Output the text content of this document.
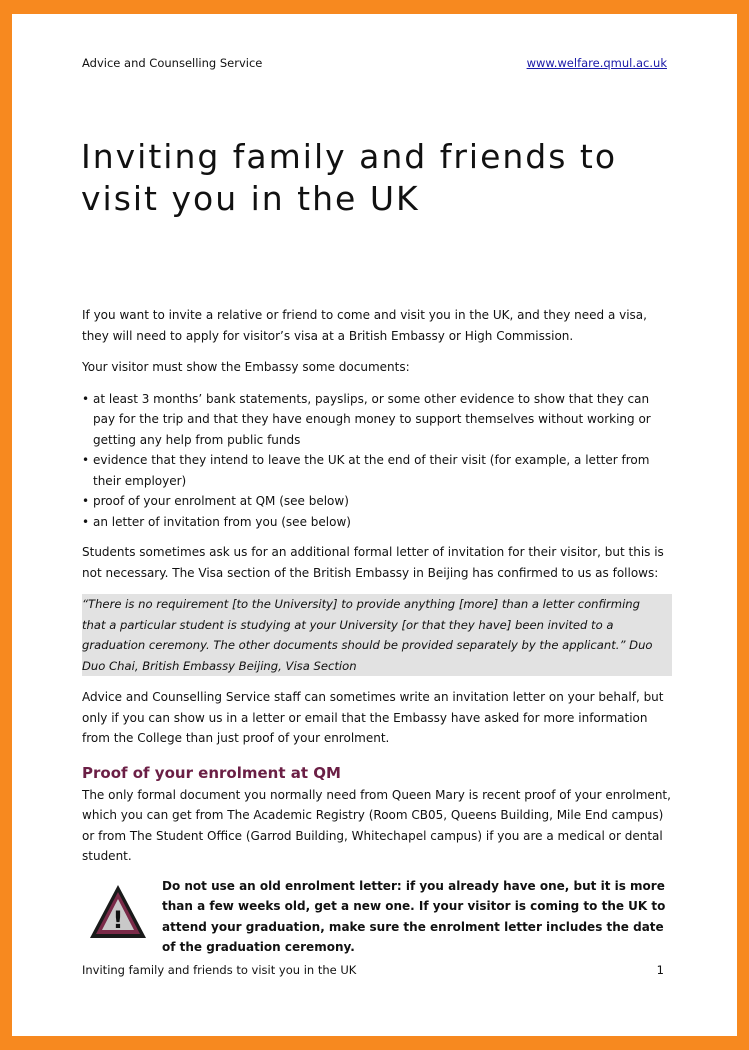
Advice and Counselling Service	www.welfare.qmul.ac.uk
Inviting family and friends to
visit you in the UK

If you want to invite a relative or friend to come and visit you in the UK, and they need a visa, they will need to apply for visitor’s visa at a British Embassy or High Commission.

Your visitor must show the Embassy some documents:

• at least 3 months’ bank statements, payslips, or some other evidence to show that they can pay for the trip and that they have enough money to support themselves without working or getting any help from public funds
• evidence that they intend to leave the UK at the end of their visit (for example, a letter from their employer)
• proof of your enrolment at QM (see below)
• an letter of invitation from you (see below)

Students sometimes ask us for an additional formal letter of invitation for their visitor, but this is not necessary. The Visa section of the British Embassy in Beijing has confirmed to us as follows:

“There is no requirement [to the University] to provide anything [more] than a letter confirming that a particular student is studying at your University [or that they have] been invited to a graduation ceremony. The other documents should be provided separately by the applicant.” Duo Duo Chai, British Embassy Beijing, Visa Section

Advice and Counselling Service staff can sometimes write an invitation letter on your behalf, but only if you can show us in a letter or email that the Embassy have asked for more information from the College than just proof of your enrolment.

Proof of your enrolment at QM

The only formal document you normally need from Queen Mary is recent proof of your enrolment, which you can get from The Academic Registry (Room CB05, Queens Building, Mile End campus) or from The Student Office (Garrod Building, Whitechapel campus) if you are a medical or dental student.

!
Do not use an old enrolment letter: if you already have one, but it is more than a few weeks old, get a new one. If your visitor is coming to the UK to attend your graduation, make sure the enrolment letter includes the date of the graduation ceremony.
Inviting family and friends to visit you in the UK	1
